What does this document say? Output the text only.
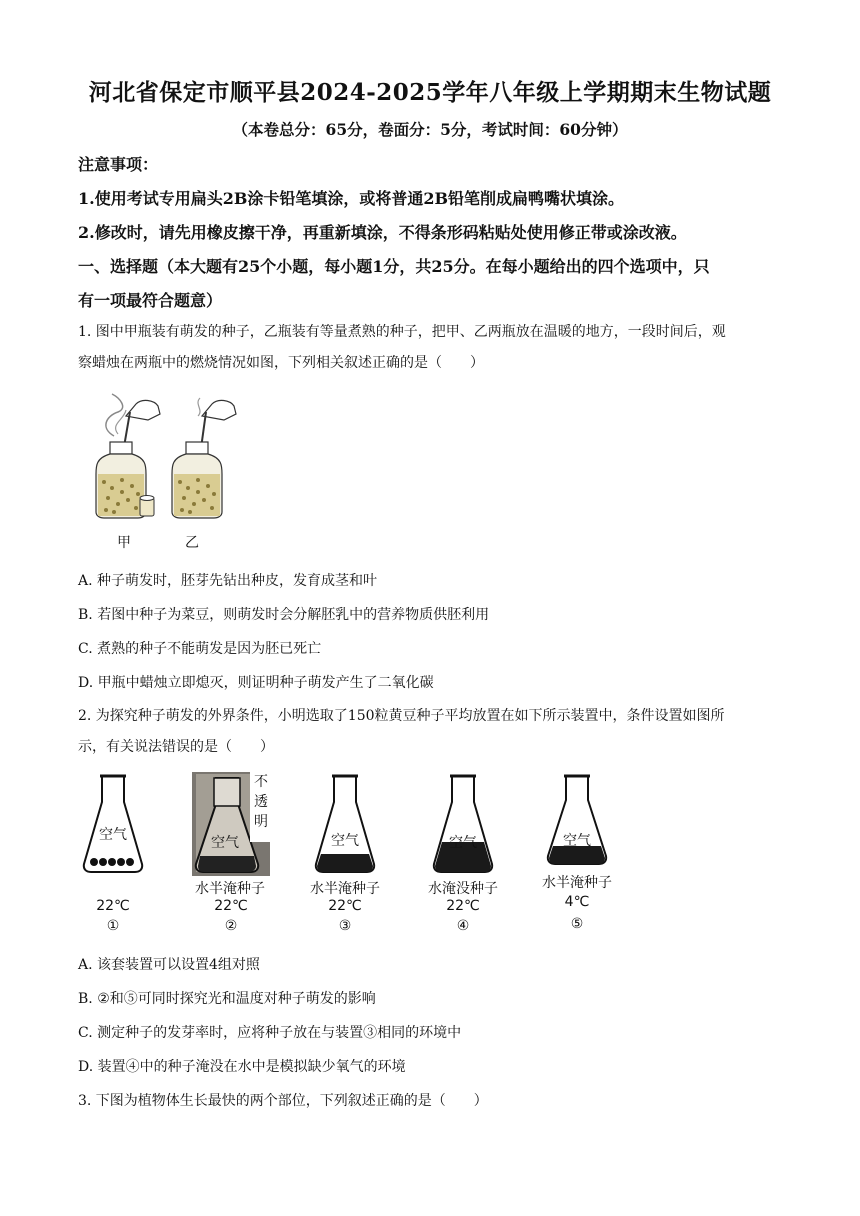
河北省保定市顺平县2024-2025学年八年级上学期期末生物试题
（本卷总分：65分，卷面分：5分，考试时间：60分钟）
注意事项：
1.使用考试专用扁头2B涂卡铅笔填涂，或将普通2B铅笔削成扁鸭嘴状填涂。
2.修改时，请先用橡皮擦干净，再重新填涂，不得条形码粘贴处使用修正带或涂改液。
一、选择题（本大题有25个小题，每小题1分，共25分。在每小题给出的四个选项中，只
有一项最符合题意）
1. 图中甲瓶装有萌发的种子，乙瓶装有等量煮熟的种子，把甲、乙两瓶放在温暖的地方，一段时间后，观
察蜡烛在两瓶中的燃烧情况如图，下列相关叙述正确的是（　　）
甲	乙
A. 种子萌发时，胚芽先钻出种皮，发育成茎和叶
B. 若图中种子为菜豆，则萌发时会分解胚乳中的营养物质供胚利用
C. 煮熟的种子不能萌发是因为胚已死亡
D. 甲瓶中蜡烛立即熄灭，则证明种子萌发产生了二氧化碳
2. 为探究种子萌发的外界条件，小明选取了150粒黄豆种子平均放置在如下所示装置中，条件设置如图所
示，有关说法错误的是（　　）
空气
22℃
①
不透明
空气
水半淹种子
22℃
②
空气
水半淹种子
22℃
③
空气
水淹没种子
22℃
④
空气
水半淹种子
4℃
⑤
A. 该套装置可以设置4组对照
B. ②和⑤可同时探究光和温度对种子萌发的影响
C. 测定种子的发芽率时，应将种子放在与装置③相同的环境中
D. 装置④中的种子淹没在水中是模拟缺少氧气的环境
3. 下图为植物体生长最快的两个部位，下列叙述正确的是（　　）
